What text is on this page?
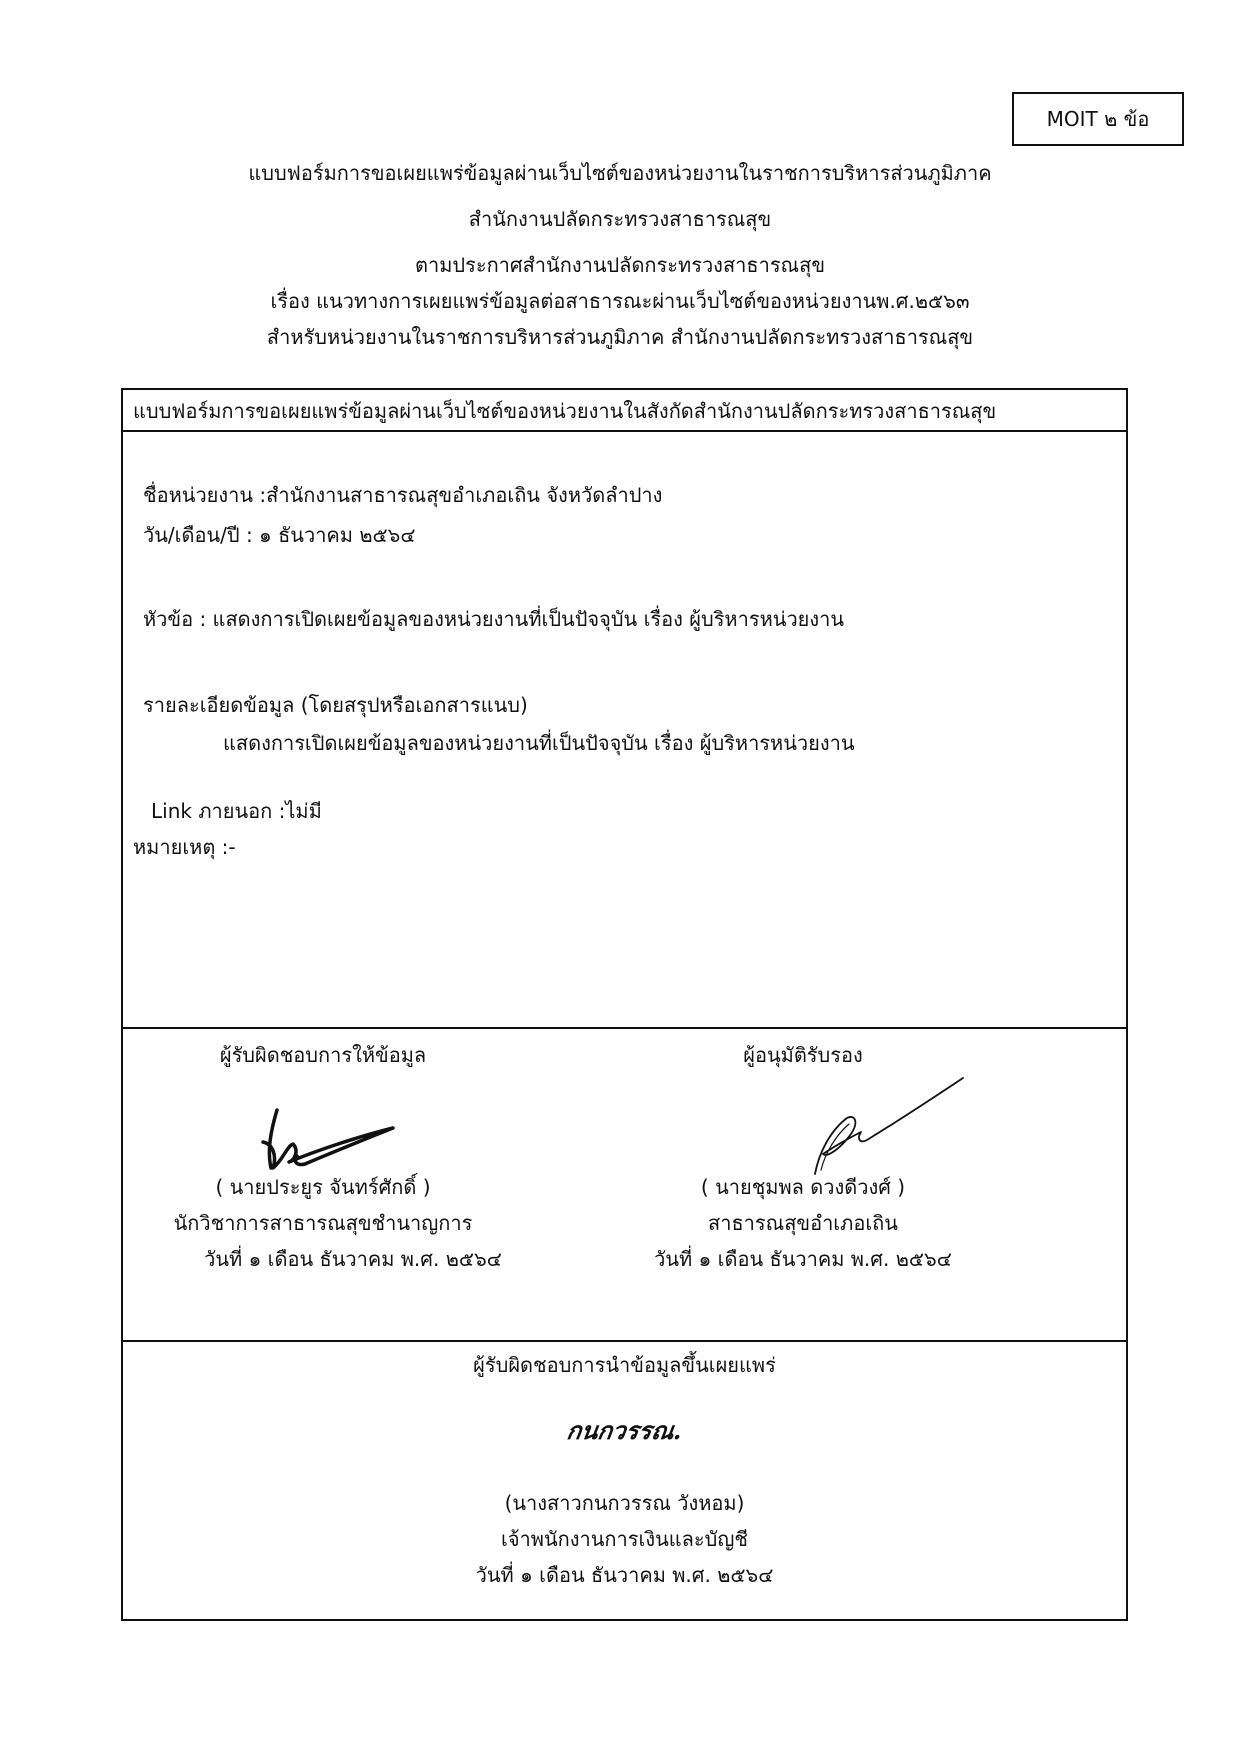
MOIT ๒ ข้อ
แบบฟอร์มการขอเผยแพร่ข้อมูลผ่านเว็บไซต์ของหน่วยงานในราชการบริหารส่วนภูมิภาค
สำนักงานปลัดกระทรวงสาธารณสุข
ตามประกาศสำนักงานปลัดกระทรวงสาธารณสุข
เรื่อง แนวทางการเผยแพร่ข้อมูลต่อสาธารณะผ่านเว็บไซต์ของหน่วยงานพ.ศ.๒๕๖๓
สำหรับหน่วยงานในราชการบริหารส่วนภูมิภาค สำนักงานปลัดกระทรวงสาธารณสุข
แบบฟอร์มการขอเผยแพร่ข้อมูลผ่านเว็บไซต์ของหน่วยงานในสังกัดสำนักงานปลัดกระทรวงสาธารณสุข
ชื่อหน่วยงาน :สำนักงานสาธารณสุขอำเภอเถิน จังหวัดลำปาง
วัน/เดือน/ปี : ๑ ธันวาคม ๒๕๖๔
หัวข้อ : แสดงการเปิดเผยข้อมูลของหน่วยงานที่เป็นปัจจุบัน เรื่อง ผู้บริหารหน่วยงาน
รายละเอียดข้อมูล (โดยสรุปหรือเอกสารแนบ)
แสดงการเปิดเผยข้อมูลของหน่วยงานที่เป็นปัจจุบัน เรื่อง ผู้บริหารหน่วยงาน
Link ภายนอก :ไม่มี
หมายเหตุ :-
ผู้รับผิดชอบการให้ข้อมูล
( นายประยูร จันทร์ศักดิ์ )
นักวิชาการสาธารณสุขชำนาญการ
วันที่ ๑ เดือน ธันวาคม พ.ศ. ๒๕๖๔
ผู้อนุมัติรับรอง
( นายชุมพล ดวงดีวงศ์ )
สาธารณสุขอำเภอเถิน
วันที่ ๑ เดือน ธันวาคม พ.ศ. ๒๕๖๔
ผู้รับผิดชอบการนำข้อมูลขึ้นเผยแพร่
กนกวรรณ.
(นางสาวกนกวรรณ วังหอม)
เจ้าพนักงานการเงินและบัญชี
วันที่ ๑ เดือน ธันวาคม พ.ศ. ๒๕๖๔
